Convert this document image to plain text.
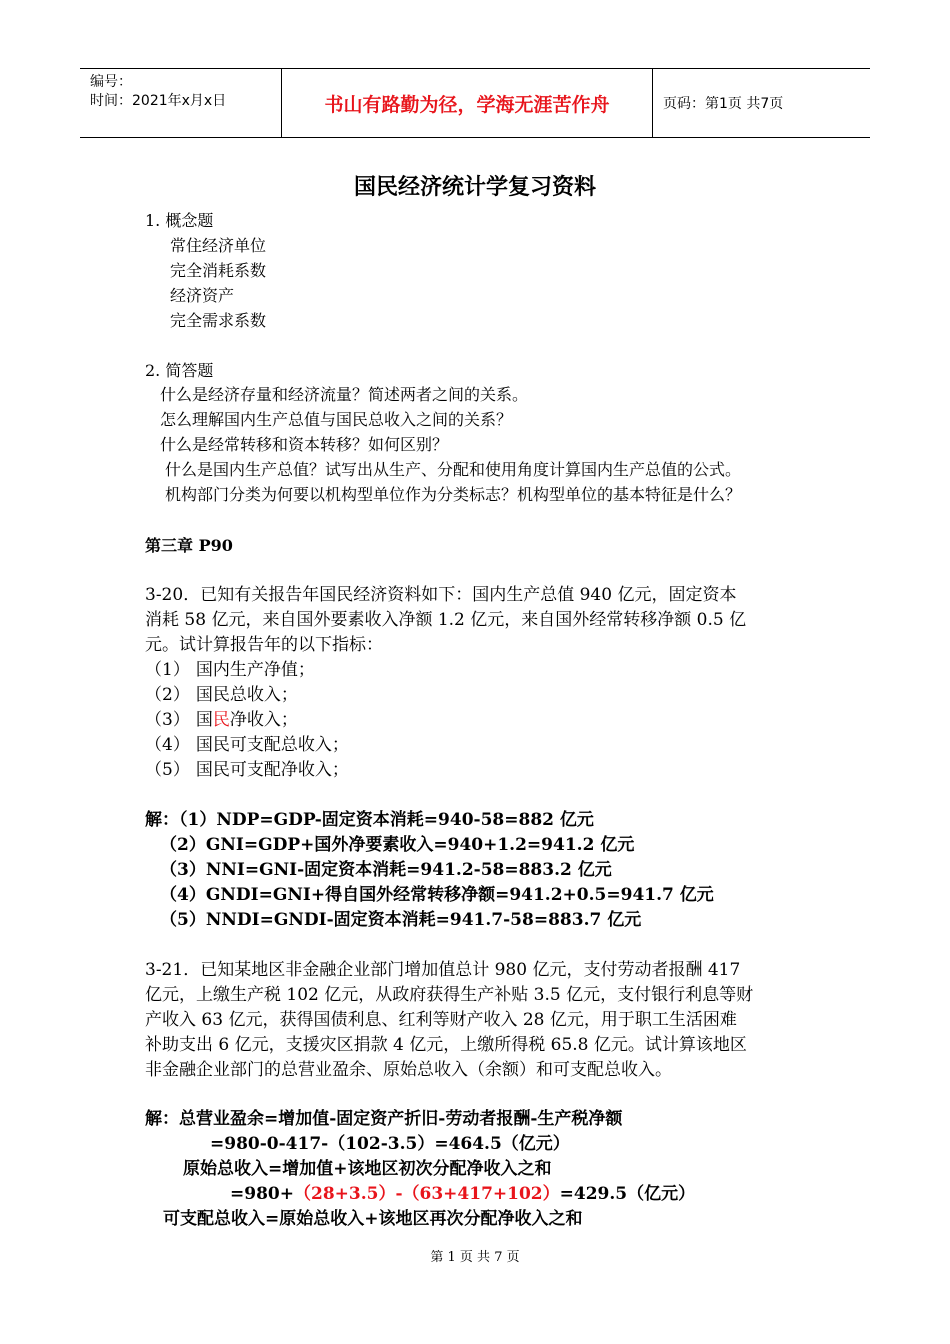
编号：
时间：2021年x月x日	书山有路勤为径，学海无涯苦作舟	页码：第1页 共7页
国民经济统计学复习资料
1. 概念题
常住经济单位
完全消耗系数
经济资产
完全需求系数
2. 简答题
什么是经济存量和经济流量？简述两者之间的关系。
怎么理解国内生产总值与国民总收入之间的关系？
什么是经常转移和资本转移？如何区别？
什么是国内生产总值？试写出从生产、分配和使用角度计算国内生产总值的公式。
机构部门分类为何要以机构型单位作为分类标志？机构型单位的基本特征是什么？
第三章 P90
3-20．已知有关报告年国民经济资料如下：国内生产总值 940 亿元，固定资本
消耗 58 亿元，来自国外要素收入净额 1.2 亿元，来自国外经常转移净额 0.5 亿
元。试计算报告年的以下指标：
（1） 国内生产净值；
（2） 国民总收入；
（3） 国民净收入；
（4） 国民可支配总收入；
（5） 国民可支配净收入；
解：（1）NDP=GDP-固定资本消耗=940-58=882 亿元
（2）GNI=GDP+国外净要素收入=940+1.2=941.2 亿元
（3）NNI=GNI-固定资本消耗=941.2-58=883.2 亿元
（4）GNDI=GNI+得自国外经常转移净额=941.2+0.5=941.7 亿元
（5）NNDI=GNDI-固定资本消耗=941.7-58=883.7 亿元
3-21．已知某地区非金融企业部门增加值总计 980 亿元，支付劳动者报酬 417
亿元，上缴生产税 102 亿元，从政府获得生产补贴 3.5 亿元，支付银行利息等财
产收入 63 亿元，获得国债利息、红利等财产收入 28 亿元，用于职工生活困难
补助支出 6 亿元，支援灾区捐款 4 亿元，上缴所得税 65.8 亿元。试计算该地区
非金融企业部门的总营业盈余、原始总收入（余额）和可支配总收入。
解：总营业盈余=增加值-固定资产折旧-劳动者报酬-生产税净额
=980-0-417-（102-3.5）=464.5（亿元）
原始总收入=增加值+该地区初次分配净收入之和
=980+（28+3.5）-（63+417+102）=429.5（亿元）
可支配总收入=原始总收入+该地区再次分配净收入之和
第 1 页 共 7 页
